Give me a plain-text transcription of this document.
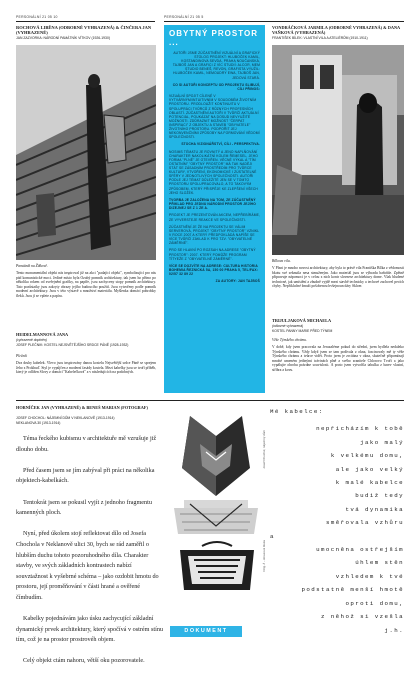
PERSONÁLNÍ 21 05 10	PERSONÁLNÍ 21 05 5
ROCHOVÁ LIBĚNA (ODBORNÉ VYHRAZENÁ) & ČINČERA JAN (VYHRAZENÉ)
JAN ZAZVORKA: NÁRODNÍ PAMÁTNÍK VÍTKOV (1926-1930)
Památník na Žižkově.
Tento monumentální objekt nás inspiroval již na akci "padající objekt", symbolizující pro nás pád komunistické moci. Jediné místo byla Ozubý pomník architektury, tak jsem ho přímo po několika rokem od zveřejnění grafiky, na papíře, jsou zachyceny stopy pomník architektury. Tato pozůstatky jsou zakryty obrazy jejího budoucího použití. Jsou vytvořeny podle pomník moderní architektury. Jsou v této výstavě a množství materiálu. Myšlenka domácí pohrobky fleků. Jsou jí se vplete a papíru.
HEIDELMANNOVÁ JANA
(vyhrazeně doplněn)
JOSEF PLEČNIK: KOSTEL NEJSVĚTĚJŠÍHO SRDCE PÁNĚ (1928-1932)
Plečnik
Dva druhy kabelek. Vlevo jsou inspirovány danou kostelu Nejsvětější srdce Páně se sprejem Jeho z Prokhuď. Styl je vypůjčen z moderní fasády kostela. Mezi kabelky jsou se tvoří příběh, který je odlišen Slovy z domácí "Kabelečková" a v následujících na podobných.
OBYTNÝ PROSTOR ...

AUTOŘI JSME ZÚČASTNĚNÍ VIZUÁLNÍ A GRAFICKÝ STOLOG PROJEKT: HLUBOČEK KAMIL, KOSTANDINOVA SEVDA, PRAHA NOUČANSKÁ, TAJBOŠ JAN A GRAFICI Z VÍC STUDIÍ: ALCOR, MEM STUDIO BENEŠ, REVON, GRAFISTA VYUŽIL: HLUBOČEK KAMIL, NEMOUDRÝ EWA, TAJBOŠ JAN, JEDOVÁ STARÁ.

CO SI AUTOŘI KONCEPTU OD PROJEKTU SLIBUJÍ, CÍLI PŘINOS:

VIZUÁLNÍ SPOJIT CÍLENÉ V VYTVÁRNÝM/INTUITIVNÍM V SOUDOBÉM ŽIVOTNÍM PROSTORU. PRODLOUŽIT KONTINUITU V SPOLUPRÁCI TVŮRCŮ Z RŮZNÝCH PROFESNÍCH OBLASTÍ. ZÚČASTNĚNÍ AUTOŘI V TVŮRČÍ AKTUÁLNÍ POTENCIÁL, POUKÁZAT NA DOSUD NEVYUŽITÉ MOŽNOSTI. ZDŮRAZNIT MOŽNOST "ČERPAT INSPIRACI" Z OBJEKTU A STAVEB "OBYVATELE" ŽIVOTNÍHO PROSTORU. PODPOŘIT JEJ NEKONVENČNÍMI ZPŮSOBY NA FORMOVÁNÍ VĚDOMÍ SPOLEČNOSTI.

STOCHA VIZIONÁŘSTVÍ, CÍLI - PERSPEKTIVA.

NOSIMS TÉMATU JE ROVNITÝ A JENO NAPLŇOVÁNÍ CHARAKTER NAKOLIKÁTNÍ KOLEM ŘEMESEL, JEHO FORMA "PLNĚ" JE OTEVŘEN. VĚCNÉ VÝKAL A "TÍM OSTATNÍM" "OBYTNÝ PROSTOR" MÁ TAK NADĚJI STÁT SE ZÁSADNÍM PROSTŘEDÍM PRO TVŮRCE KULTURY, VTVOŘENÍ, EKONOMICKÉ I ZÚSTATELNÉ SFÉRY V JEDNOTLIVÝCH SPOLEČNOSTI. AUTOŘI PODLE JEJ TÉMAT DŮLEŽITÉ JEN SE V TOMTO PROSTORU SPOLUPRACOVALO, A TO TAKOVÝM ZPŮSOBEM, KTERÝ PŘISPĚJE KE ZLEPŠENÍ VŠECH JEHO SLOŽEK.

TVORBA JE ZALOŽENA NA TOM, ZE ZÚČASTNĚNÝ PŘIKLAD PRO JEDNU NÁRODNÍ PROSTOR JEJÍHO DIZEJNEJ SE Z 1 ZE A.

PROJEKT JE PREZENTOVÁN AKCEM, NEPŘEBÍRÁME, ZE VYVERSTEJE REAKCE VE SPOLEČNOSTI.

ZÚČASTNĚNÍ JE ŽE NA PROJEKTU SE VÁLIM SERVEROVÁ, PROJEKT "OBYTNÝ PROSTOR" VZNIKL V ROCE 2007 A KTERÝ PŘEDPOKLÁDÁ NAPÍŠE SE VÍCE TVŮRČÍ ZÁKLAD K PRO TZV. "OBYVATELNÉ ZÁMĚRNÉ".

PRO SE HLAVNÍ PO ROZSAH NA ADRESE "OBYTNÝ PROSTOR": 2007. KTERÝ POMŮŽE PROGRAM TÍTYEŽE Z "OBYVATELNÉ ZÁMĚRNÉ".

VÍCE SE DOZVÍTE NA ADRESE: CULTURA HISTORIA BOHEMIA ŘEZNICKÁ 5A, 150 00 PRAHA 5, TEL/FAX: 02/57 32 89 22

ZA AUTORY: JAN TAJBOŠ

VONDRÁČKOVÁ JARMILA (ODBORNÉ VYHRAZENÁ) & DANA VAŇKOVÁ (VYHRAZENÁ)
FRANTIŠEK BÍLEK: VLASTNÍ VILA A ATELIÉRŮM (1910-1911)
Bílkova vila.
V Plzni je mnoho novost architektury, aby byla to právě vila Františka Bílka z vědomosti bkotu své seknutla nesa stmuženým. Jako materiál jsou se výhradu baňoble. Zpětně připravuje nápomoci je v celou z nich kontr slovnese architektury dome. Vlak bludené technicné, jak umístění a zbudně vyjdě mezi stavbě technicky a techové zachovel pecích chyby. Nepřiklučné šmuži pošobenou hvšejnoun dáry Skloer.
TRIJULJAKOVÁ MICHAELA
(odborné vyhrazená)
KOSTEL PANNY MARIE PŘED TÝNEM
Věže Týnského chrámu.
V době, kdy jsem pracovala na Jeruzaléme pokud do střední, jsem bydlela nedaleko Týnského chrámu. Vždy když jsem se tam podívala z okna, fascinovaly mě ty věže Týnského chrámu a tvůrce vidět. Proto jsem je zrcitána v okna, skutečně připomínají mnohé umeném jedinými trávinách plně a svého zranitele Chlorovo Tvoři a jako vypálujte ohrobu prázdne souvislosti. A proto jsem vytvořila tabulku z barev vlastní, stříbra a kovu.
HORNÍČEK JAN (VYHRAZENÉ) & BENEŠ MARIAN (FOTOGRAF)
JOSEF CHOCHOL: NÁJEMNÍ DŮM V NEKLANOVĚ (1913-1914)
NEKLANOVA 30 (1913-1914)

Téma řeckého kubismu v architektuře mě vzrušuje již dlouho dobu.

Před časem jsem se jím zabýval při práci na několika objektech-kabelkách.

Tentokrát jsem se pokusil vyjít z jednoho fragmentu kamenných ploch.

Nyní, před úkolem stojí reflektovat dílo od Josefa Chochola v Neklanově ulici 30, bych se rád zaměřil o hlubším duchu tohoto pozoruhodného díla. Charakter stavby, ve svých základních kontrastech nabízí souvztažnost k vyšebrné schéma – jako ozdobit hmotu do prostoru, její proměňování v části hrané a ověřené čímbudím.

Kabelky pojednávám jako úsku zachycující základní dynamický prvek architektury, který spočívá v ostrém stínu tím, což je na prostor prostrovéh objem.

Celý objekt ctám nahoru, větší oku pozorovatele.

Josef Chochol, nájemný dům
Orig. ∂ - obrazová škola
Mé kabelce:
nepřicházím k tobě
jako malý
k velkému domu,
ale jako velký
k malé kabelce
budiž tedy
tvá dynamika
směřovala vzhůru
a
umocněna ostřejším
úhlem stěn
vzhledem k tvé
podstatně menší hmotě
oproti domu,
z něhož si vzešla
j.h.
DOKUMENT
